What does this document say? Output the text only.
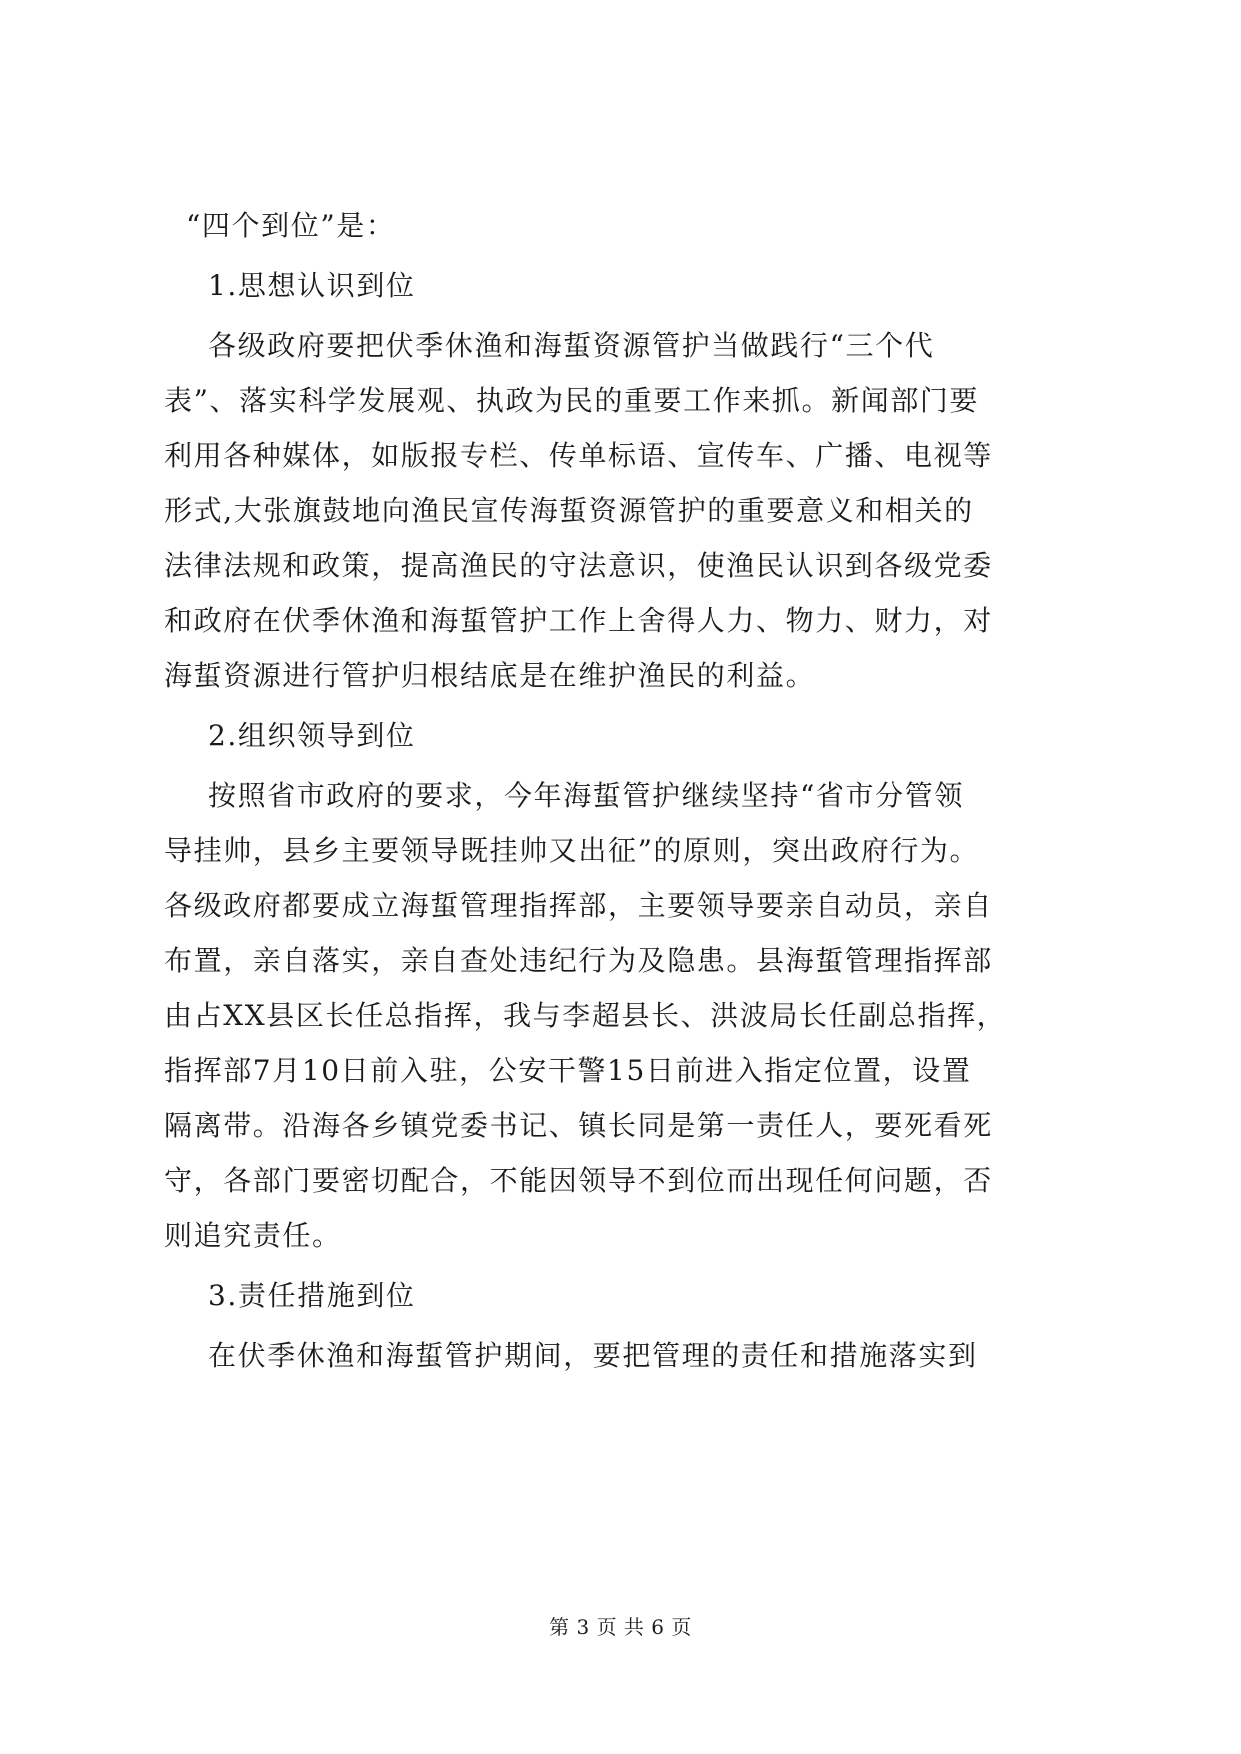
“四个到位”是：
1.思想认识到位
各级政府要把伏季休渔和海蜇资源管护当做践行“三个代
表”、落实科学发展观、执政为民的重要工作来抓。新闻部门要
利用各种媒体，如版报专栏、传单标语、宣传车、广播、电视等
形式,大张旗鼓地向渔民宣传海蜇资源管护的重要意义和相关的
法律法规和政策，提高渔民的守法意识，使渔民认识到各级党委
和政府在伏季休渔和海蜇管护工作上舍得人力、物力、财力，对
海蜇资源进行管护归根结底是在维护渔民的利益。
2.组织领导到位
按照省市政府的要求，今年海蜇管护继续坚持“省市分管领
导挂帅，县乡主要领导既挂帅又出征”的原则，突出政府行为。
各级政府都要成立海蜇管理指挥部，主要领导要亲自动员，亲自
布置，亲自落实，亲自查处违纪行为及隐患。县海蜇管理指挥部
由占XX县区长任总指挥，我与李超县长、洪波局长任副总指挥，
指挥部7月10日前入驻，公安干警15日前进入指定位置，设置
隔离带。沿海各乡镇党委书记、镇长同是第一责任人，要死看死
守，各部门要密切配合，不能因领导不到位而出现任何问题，否
则追究责任。
3.责任措施到位
在伏季休渔和海蜇管护期间，要把管理的责任和措施落实到
第 3 页 共 6 页
